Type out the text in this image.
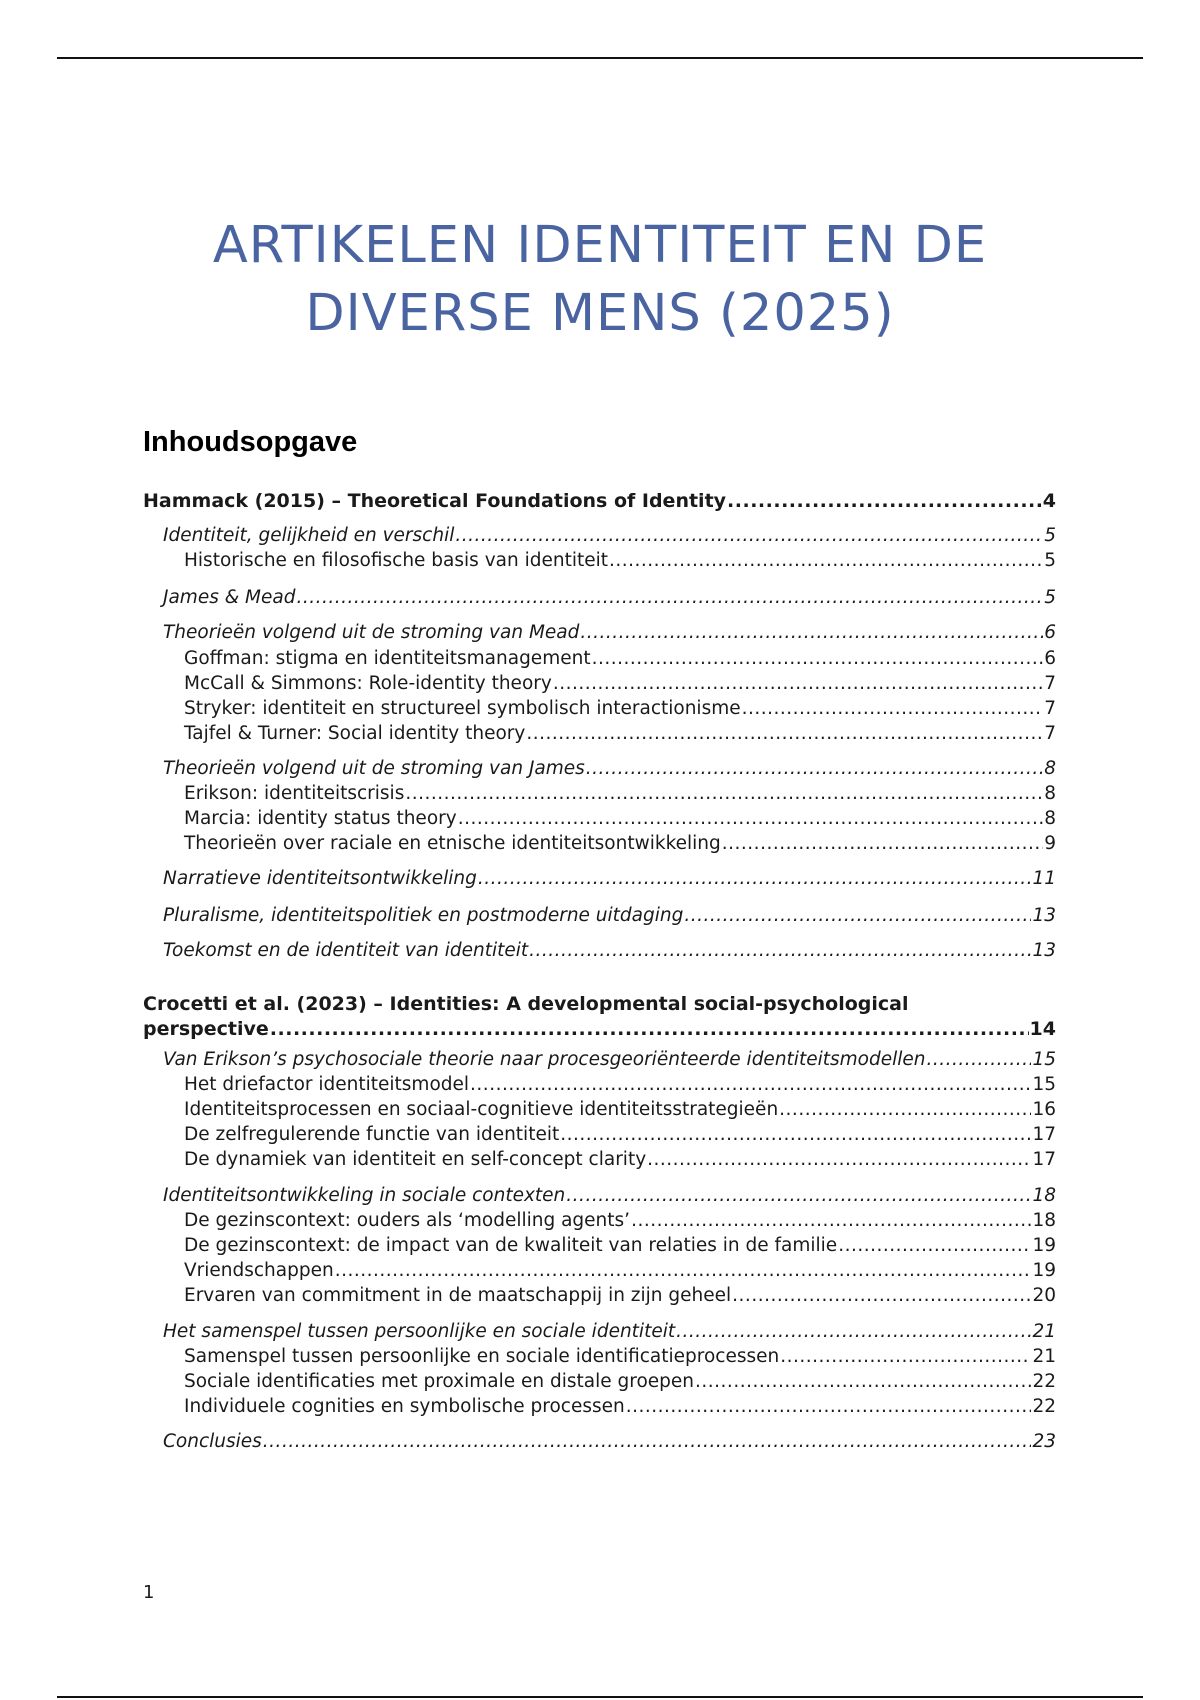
ARTIKELEN IDENTITEIT EN DE
DIVERSE MENS (2025)
Inhoudsopgave
Hammack (2015) – Theoretical Foundations of Identity .....	4
Identiteit, gelijkheid en verschil .....	5
Historische en filosofische basis van identiteit .....	5
James & Mead .....	5
Theorieën volgend uit de stroming van Mead .....	6
Goffman: stigma en identiteitsmanagement .....	6
McCall & Simmons: Role-identity theory .....	7
Stryker: identiteit en structureel symbolisch interactionisme .....	7
Tajfel & Turner: Social identity theory .....	7
Theorieën volgend uit de stroming van James .....	8
Erikson: identiteitscrisis .....	8
Marcia: identity status theory .....	8
Theorieën over raciale en etnische identiteitsontwikkeling .....	9
Narratieve identiteitsontwikkeling .....	11
Pluralisme, identiteitspolitiek en postmoderne uitdaging .....	13
Toekomst en de identiteit van identiteit .....	13
Crocetti et al. (2023) – Identities: A developmental social-psychological
perspective .....	14
Van Erikson’s psychosociale theorie naar procesgeoriënteerde identiteitsmodellen .....	15
Het driefactor identiteitsmodel .....	15
Identiteitsprocessen en sociaal-cognitieve identiteitsstrategieën .....	16
De zelfregulerende functie van identiteit .....	17
De dynamiek van identiteit en self-concept clarity .....	17
Identiteitsontwikkeling in sociale contexten .....	18
De gezinscontext: ouders als ‘modelling agents’ .....	18
De gezinscontext: de impact van de kwaliteit van relaties in de familie .....	19
Vriendschappen .....	19
Ervaren van commitment in de maatschappij in zijn geheel .....	20
Het samenspel tussen persoonlijke en sociale identiteit .....	21
Samenspel tussen persoonlijke en sociale identificatieprocessen .....	21
Sociale identificaties met proximale en distale groepen .....	22
Individuele cognities en symbolische processen .....	22
Conclusies .....	23
1
